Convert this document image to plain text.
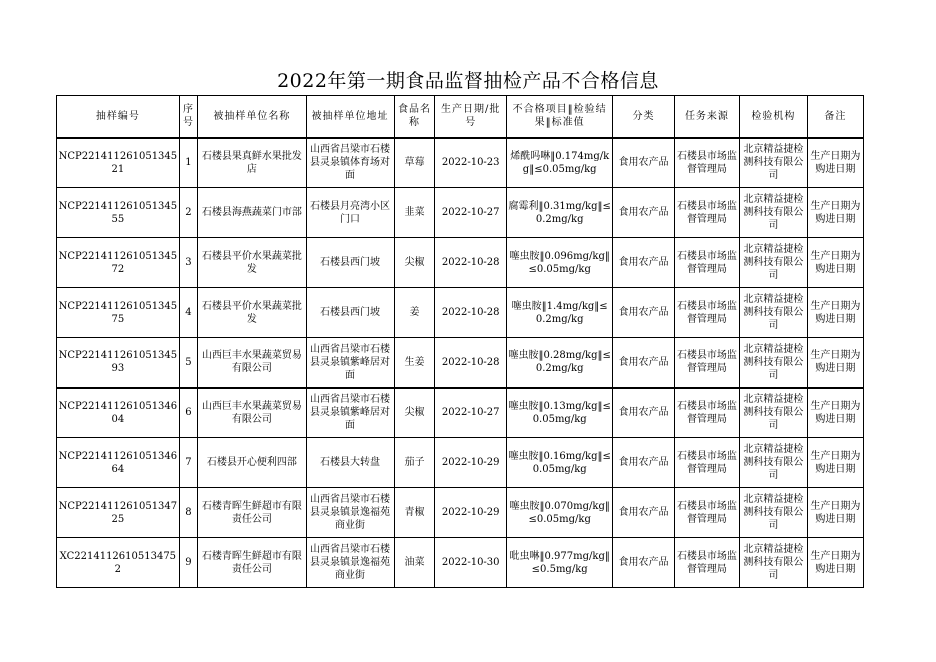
2022年第一期食品监督抽检产品不合格信息
抽样编号	序号	被抽样单位名称	被抽样单位地址	食品名称	生产日期/批号	不合格项目‖检验结果‖标准值	分类	任务来源	检验机构	备注
NCP22141126105134521	1	石楼县果真鲜水果批发店	山西省吕梁市石楼县灵泉镇体育场对面	草莓	2022-10-23	烯酰吗啉‖0.174mg/kg‖≤0.05mg/kg	食用农产品	石楼县市场监督管理局	北京精益捷检测科技有限公司	生产日期为购进日期
NCP22141126105134555	2	石楼县海燕蔬菜门市部	石楼县月亮湾小区门口	韭菜	2022-10-27	腐霉利‖0.31mg/kg‖≤0.2mg/kg	食用农产品	石楼县市场监督管理局	北京精益捷检测科技有限公司	生产日期为购进日期
NCP22141126105134572	3	石楼县平价水果蔬菜批发	石楼县西门坡	尖椒	2022-10-28	噻虫胺‖0.096mg/kg‖≤0.05mg/kg	食用农产品	石楼县市场监督管理局	北京精益捷检测科技有限公司	生产日期为购进日期
NCP22141126105134575	4	石楼县平价水果蔬菜批发	石楼县西门坡	姜	2022-10-28	噻虫胺‖1.4mg/kg‖≤0.2mg/kg	食用农产品	石楼县市场监督管理局	北京精益捷检测科技有限公司	生产日期为购进日期
NCP22141126105134593	5	山西巨丰水果蔬菜贸易有限公司	山西省吕梁市石楼县灵泉镇紫峰居对面	生姜	2022-10-28	噻虫胺‖0.28mg/kg‖≤0.2mg/kg	食用农产品	石楼县市场监督管理局	北京精益捷检测科技有限公司	生产日期为购进日期
NCP22141126105134604	6	山西巨丰水果蔬菜贸易有限公司	山西省吕梁市石楼县灵泉镇紫峰居对面	尖椒	2022-10-27	噻虫胺‖0.13mg/kg‖≤0.05mg/kg	食用农产品	石楼县市场监督管理局	北京精益捷检测科技有限公司	生产日期为购进日期
NCP22141126105134664	7	石楼县开心便利四部	石楼县大转盘	茄子	2022-10-29	噻虫胺‖0.16mg/kg‖≤0.05mg/kg	食用农产品	石楼县市场监督管理局	北京精益捷检测科技有限公司	生产日期为购进日期
NCP22141126105134725	8	石楼青晖生鲜超市有限责任公司	山西省吕梁市石楼县灵泉镇景逸福苑商业街	青椒	2022-10-29	噻虫胺‖0.070mg/kg‖≤0.05mg/kg	食用农产品	石楼县市场监督管理局	北京精益捷检测科技有限公司	生产日期为购进日期
XC22141126105134752	9	石楼青晖生鲜超市有限责任公司	山西省吕梁市石楼县灵泉镇景逸福苑商业街	油菜	2022-10-30	吡虫啉‖0.977mg/kg‖≤0.5mg/kg	食用农产品	石楼县市场监督管理局	北京精益捷检测科技有限公司	生产日期为购进日期
